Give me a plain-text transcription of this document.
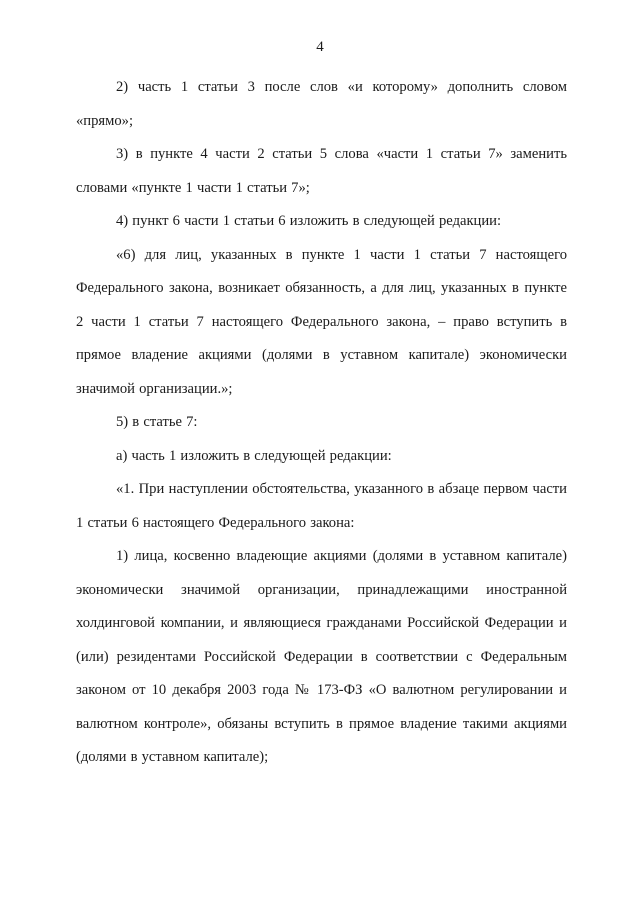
4

2) часть 1 статьи 3 после слов «и которому» дополнить словом «прямо»;

3) в пункте 4 части 2 статьи 5 слова «части 1 статьи 7» заменить словами «пункте 1 части 1 статьи 7»;

4) пункт 6 части 1 статьи 6 изложить в следующей редакции:

«6) для лиц, указанных в пункте 1 части 1 статьи 7 настоящего Федерального закона, возникает обязанность, а для лиц, указанных в пункте 2 части 1 статьи 7 настоящего Федерального закона, – право вступить в прямое владение акциями (долями в уставном капитале) экономически значимой организации.»;

5) в статье 7:

а) часть 1 изложить в следующей редакции:

«1. При наступлении обстоятельства, указанного в абзаце первом части 1 статьи 6 настоящего Федерального закона:

1) лица, косвенно владеющие акциями (долями в уставном капитале) экономически значимой организации, принадлежащими иностранной холдинговой компании, и являющиеся гражданами Российской Федерации и (или) резидентами Российской Федерации в соответствии с Федеральным законом от 10 декабря 2003 года № 173-ФЗ «О валютном регулировании и валютном контроле», обязаны вступить в прямое владение такими акциями (долями в уставном капитале);
